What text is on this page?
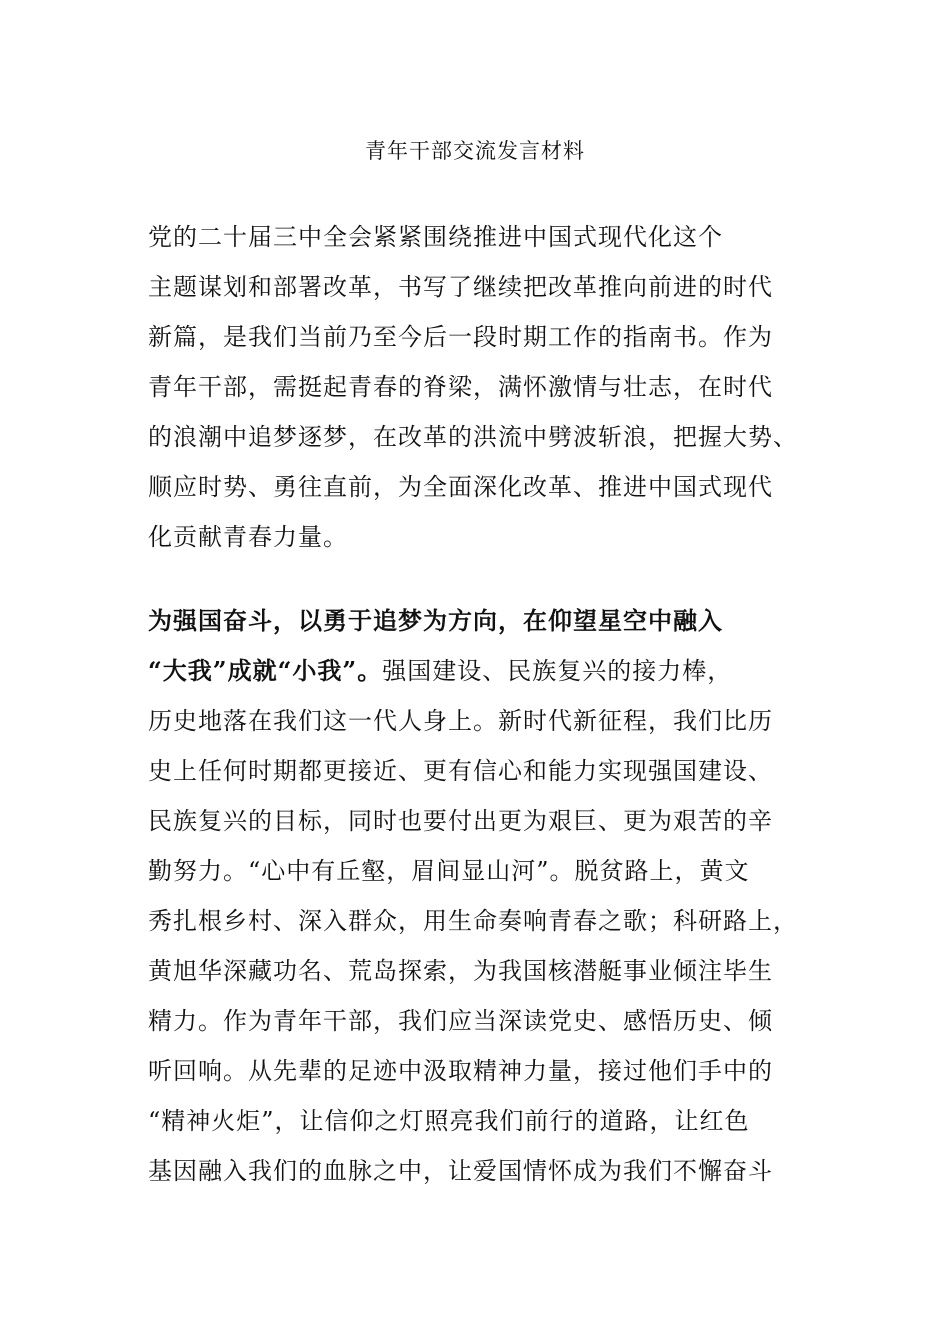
青年干部交流发言材料
党的二十届三中全会紧紧围绕推进中国式现代化这个
主题谋划和部署改革，书写了继续把改革推向前进的时代
新篇，是我们当前乃至今后一段时期工作的指南书。作为
青年干部，需挺起青春的脊梁，满怀激情与壮志，在时代
的浪潮中追梦逐梦，在改革的洪流中劈波斩浪，把握大势、
顺应时势、勇往直前，为全面深化改革、推进中国式现代
化贡献青春力量。
为强国奋斗，以勇于追梦为方向，在仰望星空中融入
“大我”成就“小我”。强国建设、民族复兴的接力棒，
历史地落在我们这一代人身上。新时代新征程，我们比历
史上任何时期都更接近、更有信心和能力实现强国建设、
民族复兴的目标，同时也要付出更为艰巨、更为艰苦的辛
勤努力。“心中有丘壑，眉间显山河”。脱贫路上，黄文
秀扎根乡村、深入群众，用生命奏响青春之歌；科研路上，
黄旭华深藏功名、荒岛探索，为我国核潜艇事业倾注毕生
精力。作为青年干部，我们应当深读党史、感悟历史、倾
听回响。从先辈的足迹中汲取精神力量，接过他们手中的
“精神火炬”，让信仰之灯照亮我们前行的道路，让红色
基因融入我们的血脉之中，让爱国情怀成为我们不懈奋斗
